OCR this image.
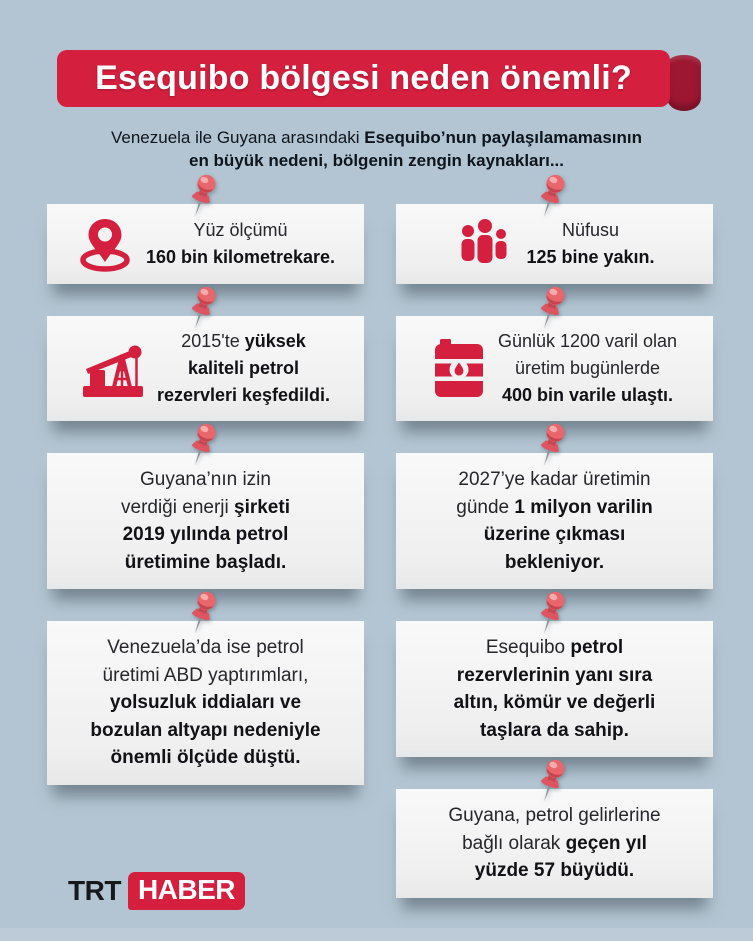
Esequibo bölgesi neden önemli?
Venezuela ile Guyana arasındaki Esequibo’nun paylaşılamamasının
en büyük nedeni, bölgenin zengin kaynakları...
Yüz ölçümü
160 bin kilometrekare.
2015'te yüksek
kaliteli petrol
rezervleri keşfedildi.
Guyana’nın izin
verdiği enerji şirketi
2019 yılında petrol
üretimine başladı.
Venezuela’da ise petrol
üretimi ABD yaptırımları,
yolsuzluk iddiaları ve
bozulan altyapı nedeniyle
önemli ölçüde düştü.
Nüfusu
125 bine yakın.
Günlük 1200 varil olan
üretim bugünlerde
400 bin varile ulaştı.
2027’ye kadar üretimin
günde 1 milyon varilin
üzerine çıkması
bekleniyor.
Esequibo petrol
rezervlerinin yanı sıra
altın, kömür ve değerli
taşlara da sahip.
Guyana, petrol gelirlerine
bağlı olarak geçen yıl
yüzde 57 büyüdü.
TRT HABER
